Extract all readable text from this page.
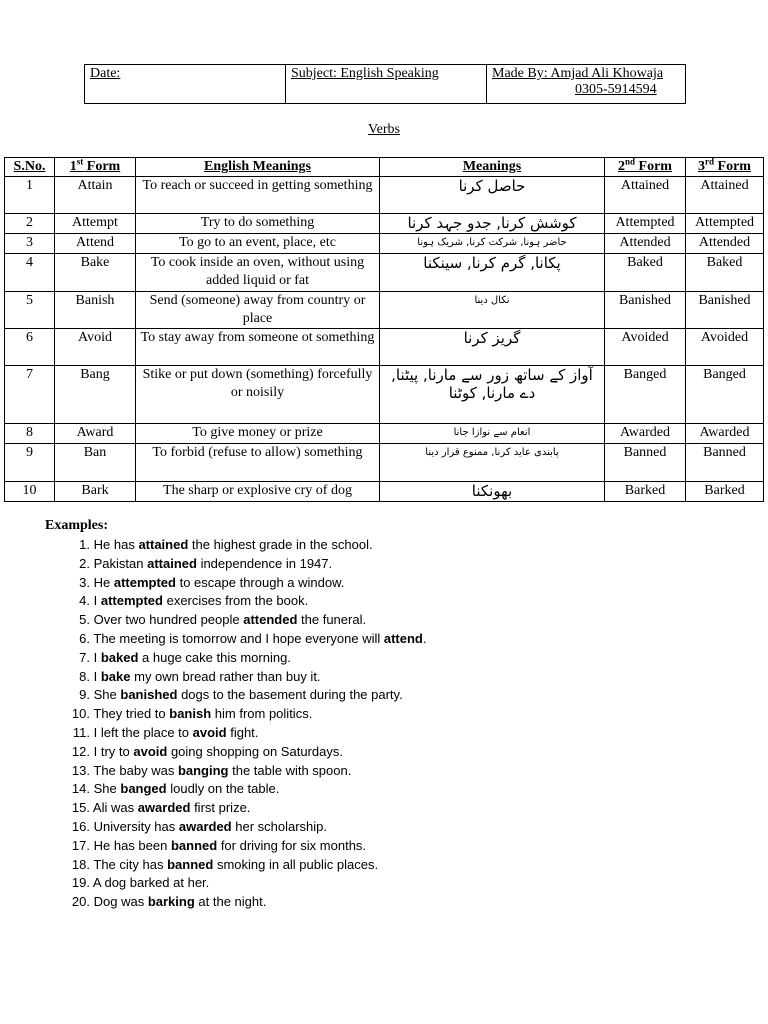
Date:	Subject: English Speaking	Made By: Amjad Ali Khowaja
0305-5914594
Verbs
S.No.	1st Form	English Meanings	Meanings	2nd Form	3rd Form
1	Attain	To reach or succeed in getting something	حاصل کرنا	Attained	Attained
2	Attempt	Try to do something	کوشش کرنا, جدو جہد کرنا	Attempted	Attempted
3	Attend	To go to an event, place, etc	حاضر ہونا, شرکت کرنا, شریک ہونا	Attended	Attended
4	Bake	To cook inside an oven, without using added liquid or fat	پکانا, گرم کرنا, سینکنا	Baked	Baked
5	Banish	Send (someone) away from country or place	نکال دینا	Banished	Banished
6	Avoid	To stay away from someone ot something	گریز کرنا	Avoided	Avoided
7	Bang	Stike or put down (something) forcefully or noisily	آواز کے ساتھ زور سے مارنا, پیٹنا, دے مارنا, کوٹنا	Banged	Banged
8	Award	To give money or prize	انعام سے نوازا جانا	Awarded	Awarded
9	Ban	To forbid (refuse to allow) something	پابندی عاید کرنا, ممنوع قرار دینا	Banned	Banned
10	Bark	The sharp or explosive cry of dog	بھونکنا	Barked	Barked
Examples:
1. He has attained the highest grade in the school.
2. Pakistan attained independence in 1947.
3. He attempted to escape through a window.
4. I attempted exercises from the book.
5. Over two hundred people attended the funeral.
6. The meeting is tomorrow and I hope everyone will attend.
7. I baked a huge cake this morning.
8. I bake my own bread rather than buy it.
9. She banished dogs to the basement during the party.
10. They tried to banish him from politics.
11. I left the place to avoid fight.
12. I try to avoid going shopping on Saturdays.
13. The baby was banging the table with spoon.
14. She banged loudly on the table.
15. Ali was awarded first prize.
16. University has awarded her scholarship.
17. He has been banned for driving for six months.
18. The city has banned smoking in all public places.
19. A dog barked at her.
20. Dog was barking at the night.
